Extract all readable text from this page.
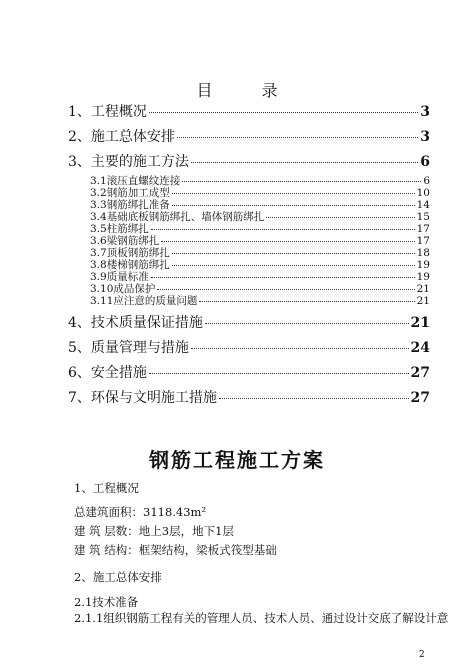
目 录
1、工程概况	3
2、施工总体安排	3
3、主要的施工方法	6
3.1滚压直螺纹连接	6
3.2钢筋加工成型	10
3.3钢筋绑扎准备	14
3.4基础底板钢筋绑扎、墙体钢筋绑扎	15
3.5柱筋绑扎	17
3.6梁钢筋绑扎	17
3.7顶板钢筋绑扎	18
3.8楼梯钢筋绑扎	19
3.9质量标准	19
3.10成品保护	21
3.11应注意的质量问题	21
4、技术质量保证措施	21
5、质量管理与措施	24
6、安全措施	27
7、环保与文明施工措施	27
钢筋工程施工方案
1、工程概况
总建筑面积：3118.43m²
建 筑 层数：地上3层，地下1层
建 筑 结构：框架结构，梁板式筏型基础
2、施工总体安排
2.1技术准备
2.1.1组织钢筋工程有关的管理人员、技术人员、通过设计交底了解设计意
2
